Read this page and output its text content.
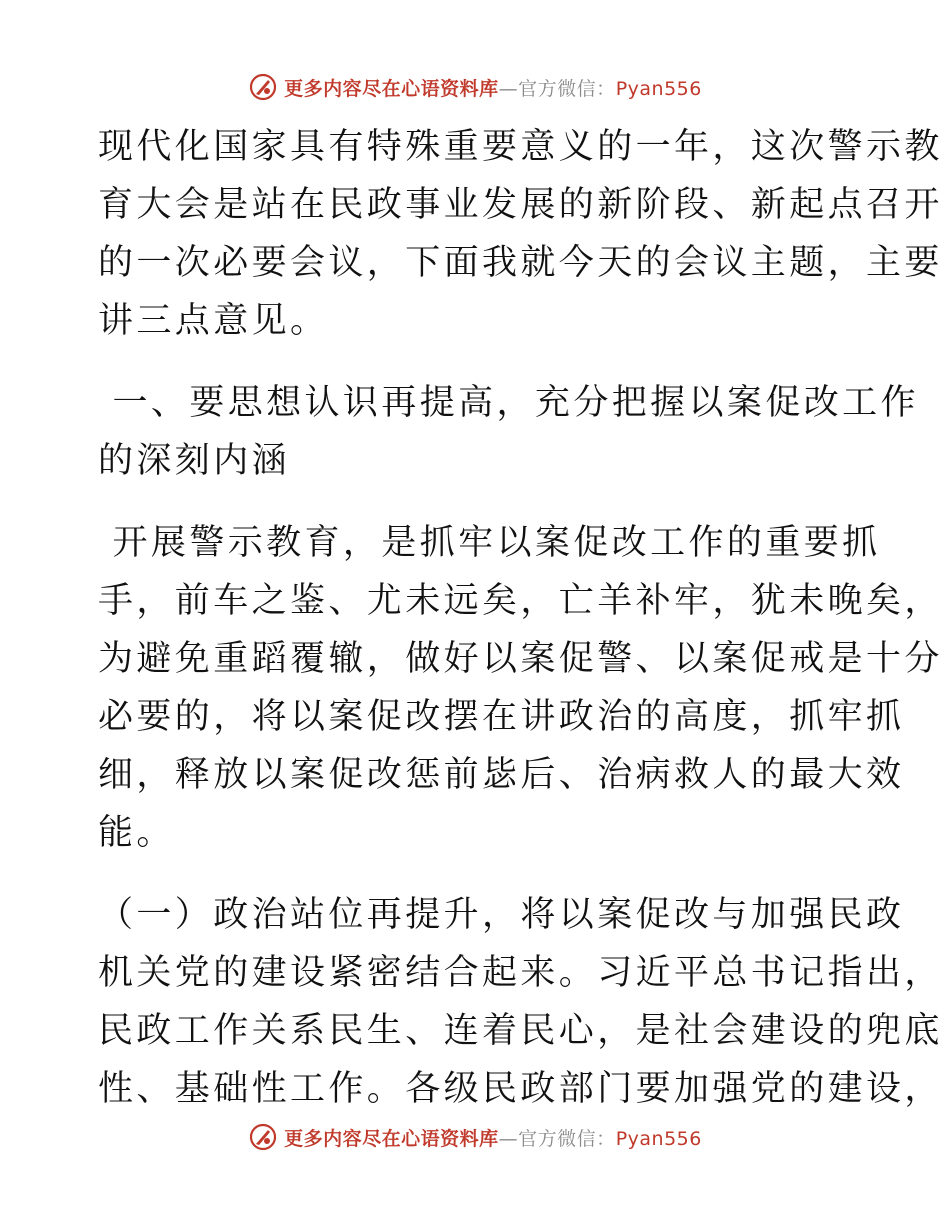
更多内容尽在心语资料库—官方微信：Pyan556
现代化国家具有特殊重要意义的一年，这次警示教
育大会是站在民政事业发展的新阶段、新起点召开
的一次必要会议，下面我就今天的会议主题，主要
讲三点意见。
一、要思想认识再提高，充分把握以案促改工作
的深刻内涵
开展警示教育，是抓牢以案促改工作的重要抓
手，前车之鉴、尤未远矣，亡羊补牢，犹未晚矣，
为避免重蹈覆辙，做好以案促警、以案促戒是十分
必要的，将以案促改摆在讲政治的高度，抓牢抓
细，释放以案促改惩前毖后、治病救人的最大效
能。
（一）政治站位再提升，将以案促改与加强民政
机关党的建设紧密结合起来。习近平总书记指出，
民政工作关系民生、连着民心，是社会建设的兜底
性、基础性工作。各级民政部门要加强党的建设，
更多内容尽在心语资料库—官方微信：Pyan556
